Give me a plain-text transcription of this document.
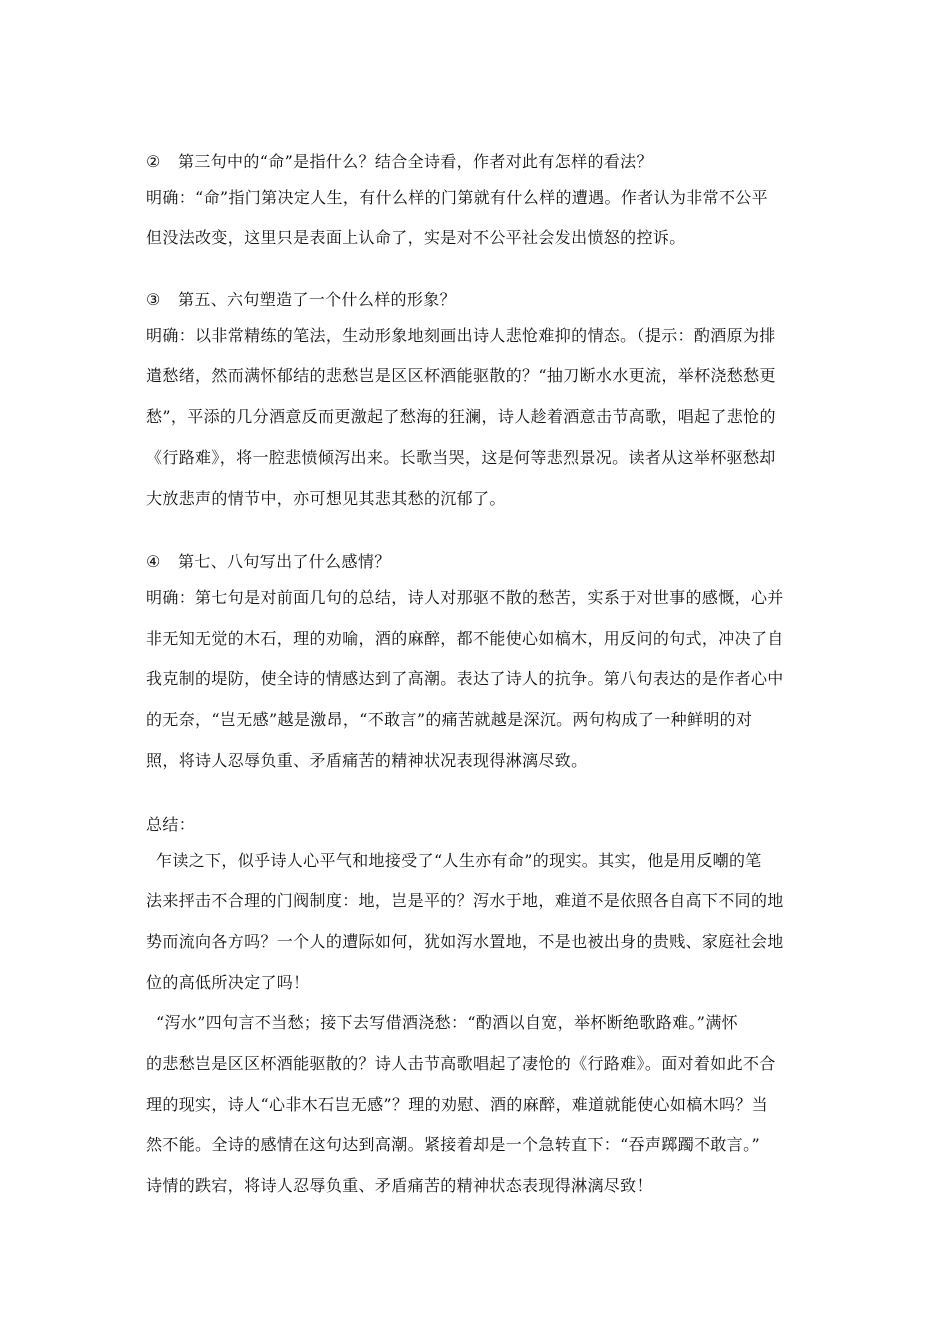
② 第三句中的“命”是指什么？结合全诗看，作者对此有怎样的看法？
明确：“命”指门第决定人生，有什么样的门第就有什么样的遭遇。作者认为非常不公平
但没法改变，这里只是表面上认命了，实是对不公平社会发出愤怒的控诉。
③ 第五、六句塑造了一个什么样的形象？
明确：以非常精练的笔法，生动形象地刻画出诗人悲怆难抑的情态。（提示：酌酒原为排
遣愁绪，然而满怀郁结的悲愁岂是区区杯酒能驱散的？“抽刀断水水更流，举杯浇愁愁更
愁”，平添的几分酒意反而更激起了愁海的狂澜，诗人趁着酒意击节高歌，唱起了悲怆的
《行路难》，将一腔悲愤倾泻出来。长歌当哭，这是何等悲烈景况。读者从这举杯驱愁却
大放悲声的情节中，亦可想见其悲其愁的沉郁了。
④ 第七、八句写出了什么感情？
明确：第七句是对前面几句的总结，诗人对那驱不散的愁苦，实系于对世事的感慨，心并
非无知无觉的木石，理的劝喻，酒的麻醉，都不能使心如槁木，用反问的句式，冲决了自
我克制的堤防，使全诗的情感达到了高潮。表达了诗人的抗争。第八句表达的是作者心中
的无奈，“岂无感”越是激昂，“不敢言”的痛苦就越是深沉。两句构成了一种鲜明的对
照，将诗人忍辱负重、矛盾痛苦的精神状况表现得淋漓尽致。
总结：
乍读之下，似乎诗人心平气和地接受了“人生亦有命”的现实。其实，他是用反嘲的笔
法来抨击不合理的门阀制度：地，岂是平的？泻水于地，难道不是依照各自高下不同的地
势而流向各方吗？一个人的遭际如何，犹如泻水置地，不是也被出身的贵贱、家庭社会地
位的高低所决定了吗！
“泻水”四句言不当愁；接下去写借酒浇愁：“酌酒以自宽，举杯断绝歌路难。”满怀
的悲愁岂是区区杯酒能驱散的？诗人击节高歌唱起了凄怆的《行路难》。面对着如此不合
理的现实，诗人“心非木石岂无感”？理的劝慰、酒的麻醉，难道就能使心如槁木吗？当
然不能。全诗的感情在这句达到高潮。紧接着却是一个急转直下：“吞声踯躅不敢言。”
诗情的跌宕，将诗人忍辱负重、矛盾痛苦的精神状态表现得淋漓尽致！
